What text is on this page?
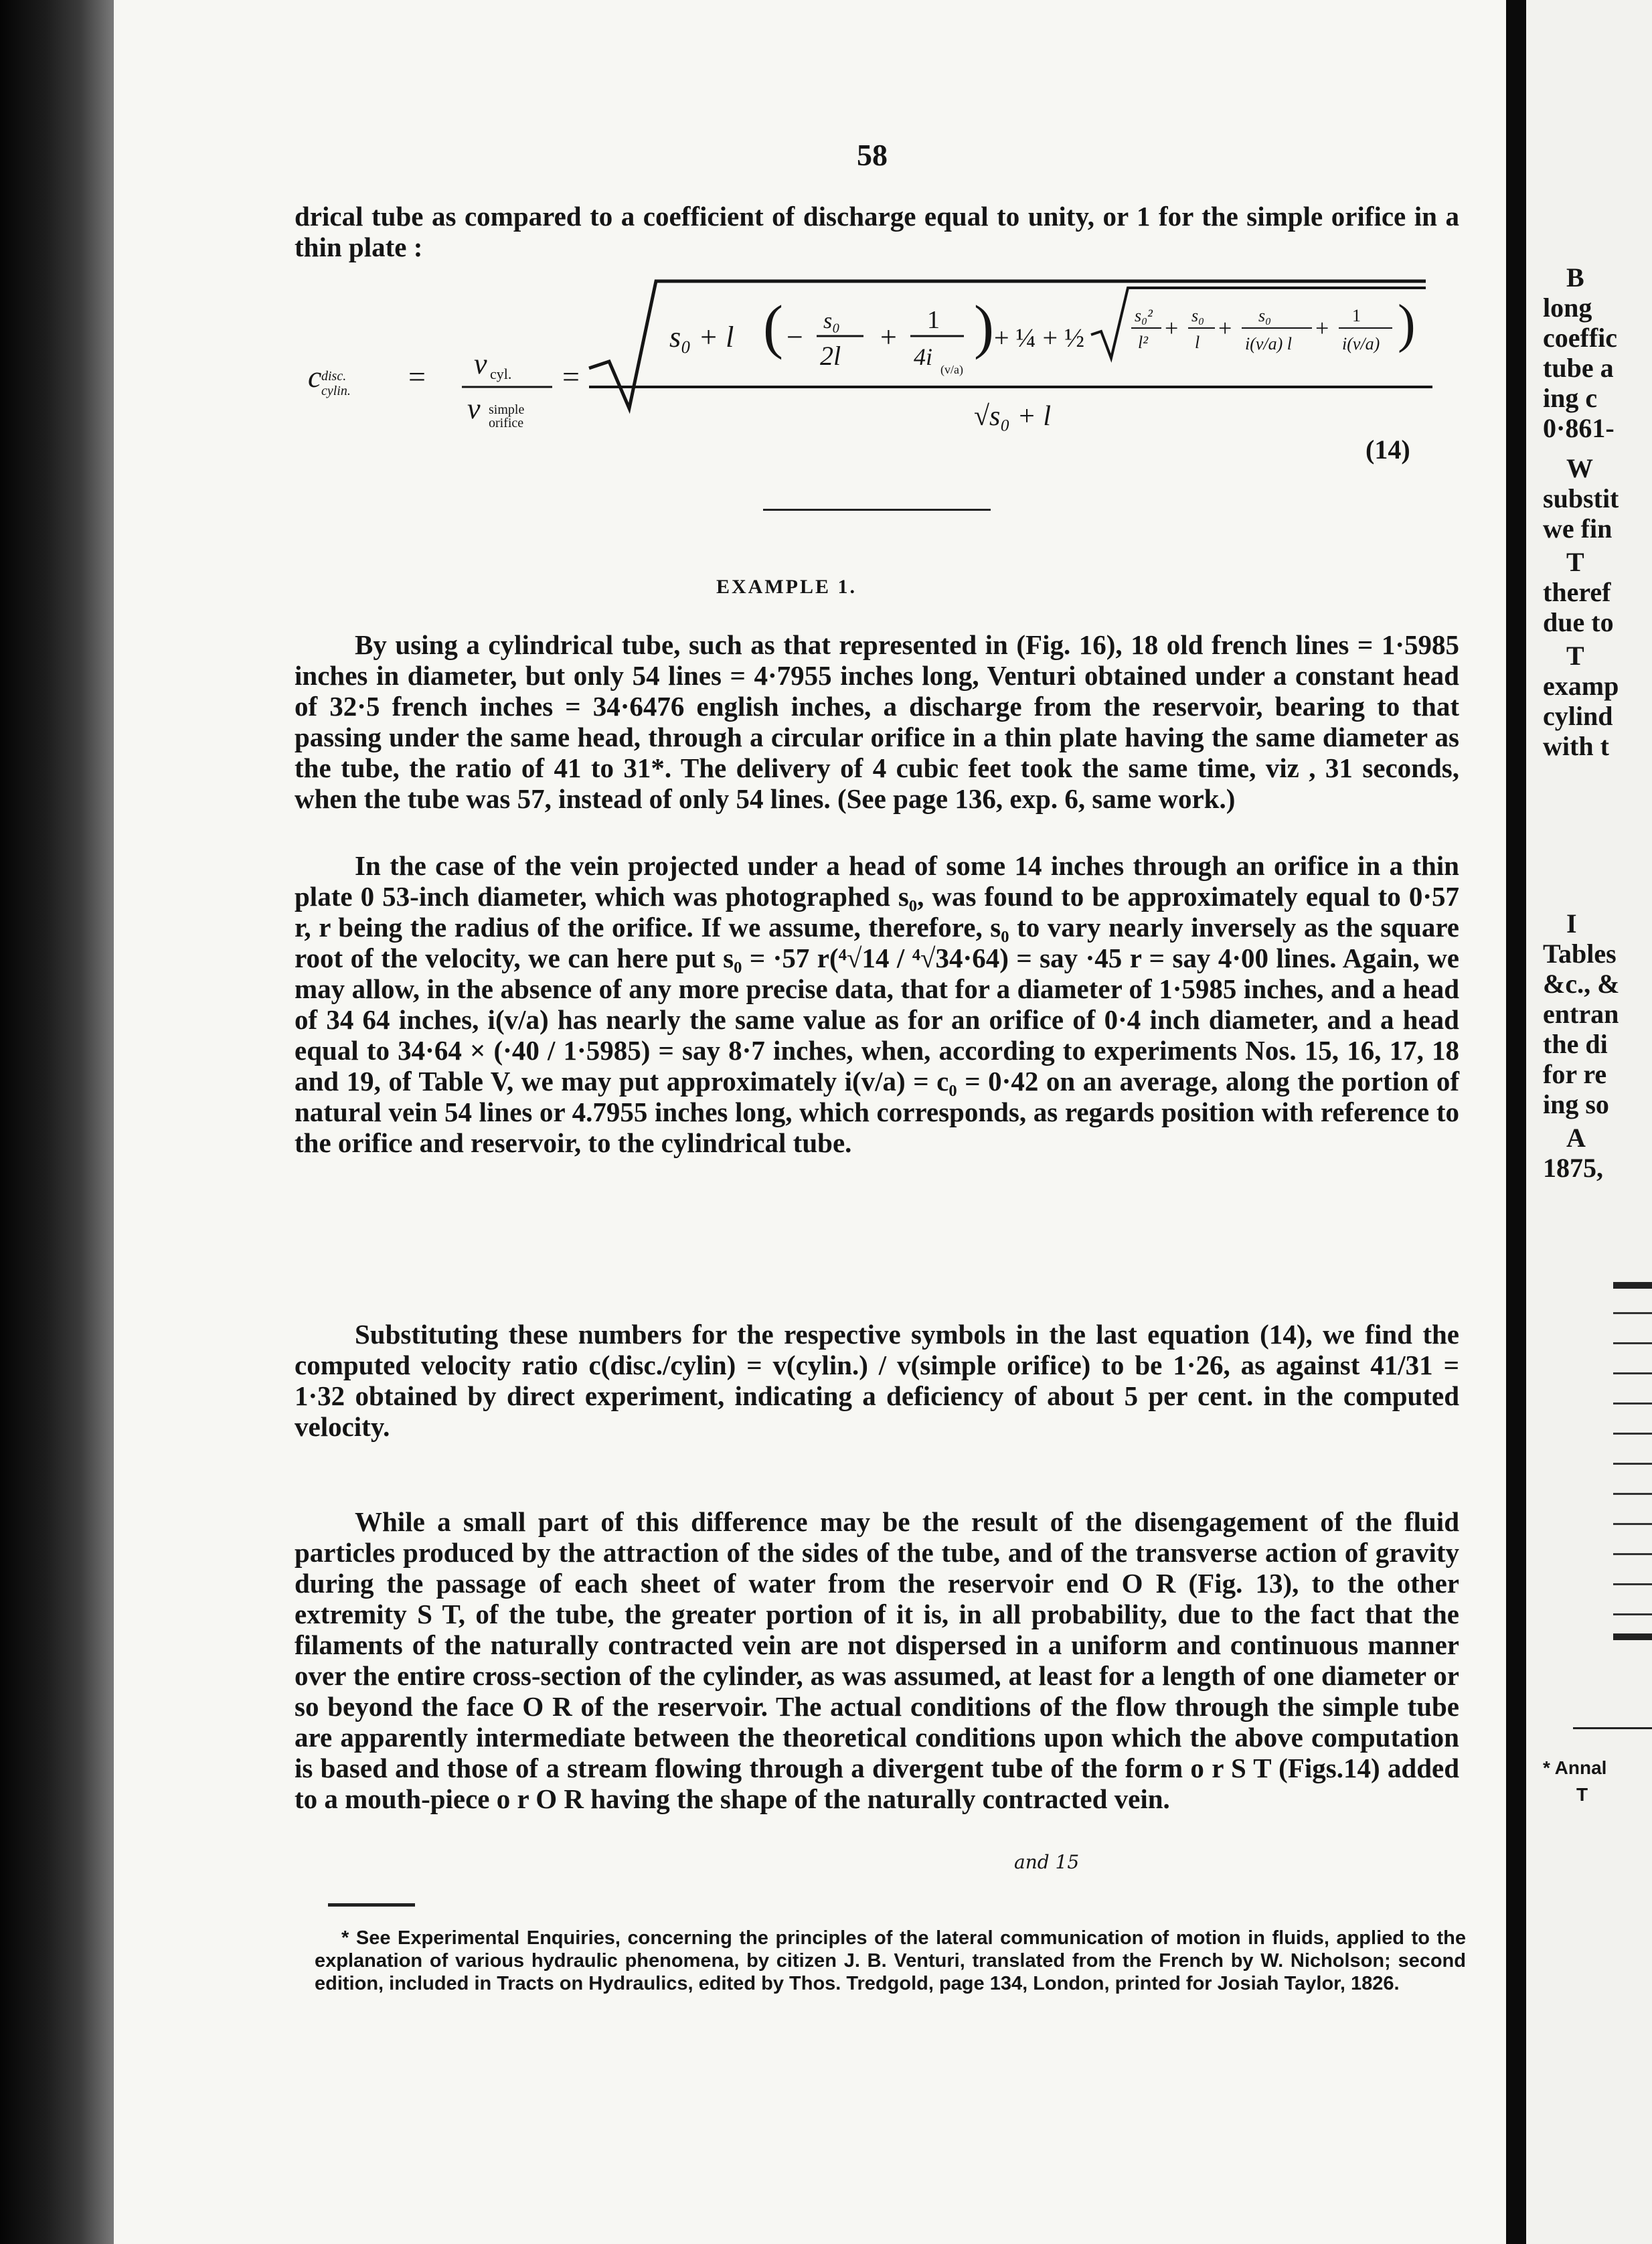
58
drical tube as compared to a coefficient of discharge equal to unity, or 1 for the simple orifice in a thin plate :
c disc.
cylin. = v cyl.
v simple
orifice
=
s₀ + l ( − s₀
2l
+
1
4i (v/a)
) + ¼ + ½
s₀²
l²
+ s₀
l
+ s₀
i(v/a) l
+ 1
i(v/a) )
√s₀ + l
(14)
EXAMPLE 1.
By using a cylindrical tube, such as that represented in (Fig. 16), 18 old french lines = 1·5985 inches in diameter, but only 54 lines = 4·7955 inches long, Venturi obtained under a constant head of 32·5 french inches = 34·6476 english inches, a discharge from the reservoir, bearing to that passing under the same head, through a circular orifice in a thin plate having the same diameter as the tube, the ratio of 41 to 31*. The delivery of 4 cubic feet took the same time, viz , 31 seconds, when the tube was 57, instead of only 54 lines. (See page 136, exp. 6, same work.)
In the case of the vein projected under a head of some 14 inches through an orifice in a thin plate 0 53-inch diameter, which was photographed s₀, was found to be approximately equal to 0·57 r, r being the radius of the orifice. If we assume, therefore, s₀ to vary nearly inversely as the square root of the velocity, we can here put s₀ = ·57 r(⁴√14 / ⁴√34·64) = say ·45 r = say 4·00 lines. Again, we may allow, in the absence of any more precise data, that for a diameter of 1·5985 inches, and a head of 34 64 inches, i(v/a) has nearly the same value as for an orifice of 0·4 inch diameter, and a head equal to 34·64 × (·40 / 1·5985) = say 8·7 inches, when, according to experiments Nos. 15, 16, 17, 18 and 19, of Table V, we may put approximately i(v/a) = c₀ = 0·42 on an average, along the portion of natural vein 54 lines or 4.7955 inches long, which corresponds, as regards position with reference to the orifice and reservoir, to the cylindrical tube.
Substituting these numbers for the respective symbols in the last equation (14), we find the computed velocity ratio c(disc./cylin) = v(cylin.) / v(simple orifice) to be 1·26, as against 41/31 = 1·32 obtained by direct experiment, indicating a deficiency of about 5 per cent. in the computed velocity.
While a small part of this difference may be the result of the disengagement of the fluid particles produced by the attraction of the sides of the tube, and of the transverse action of gravity during the passage of each sheet of water from the reservoir end O R (Fig. 13), to the other extremity S T, of the tube, the greater portion of it is, in all probability, due to the fact that the filaments of the naturally contracted vein are not dispersed in a uniform and continuous manner over the entire cross-section of the cylinder, as was assumed, at least for a length of one diameter or so beyond the face O R of the reservoir. The actual conditions of the flow through the simple tube are apparently intermediate between the theoretical conditions upon which the above computation is based and those of a stream flowing through a divergent tube of the form o r S T (Figs.14) added to a mouth-piece o r O R having the shape of the naturally contracted vein.
and 15
* See Experimental Enquiries, concerning the principles of the lateral communication of motion in fluids, applied to the explanation of various hydraulic phenomena, by citizen J. B. Venturi, translated from the French by W. Nicholson; second edition, included in Tracts on Hydraulics, edited by Thos. Tredgold, page 134, London, printed for Josiah Taylor, 1826.
B
long
coeffic
tube a
ing c
0·861-
W
substit
we fin
T
theref
due to
T
examp
cylind
with t
I
Tables
&c., &
entran
the di
for re
ing so
A
1875,
* Annal
T
